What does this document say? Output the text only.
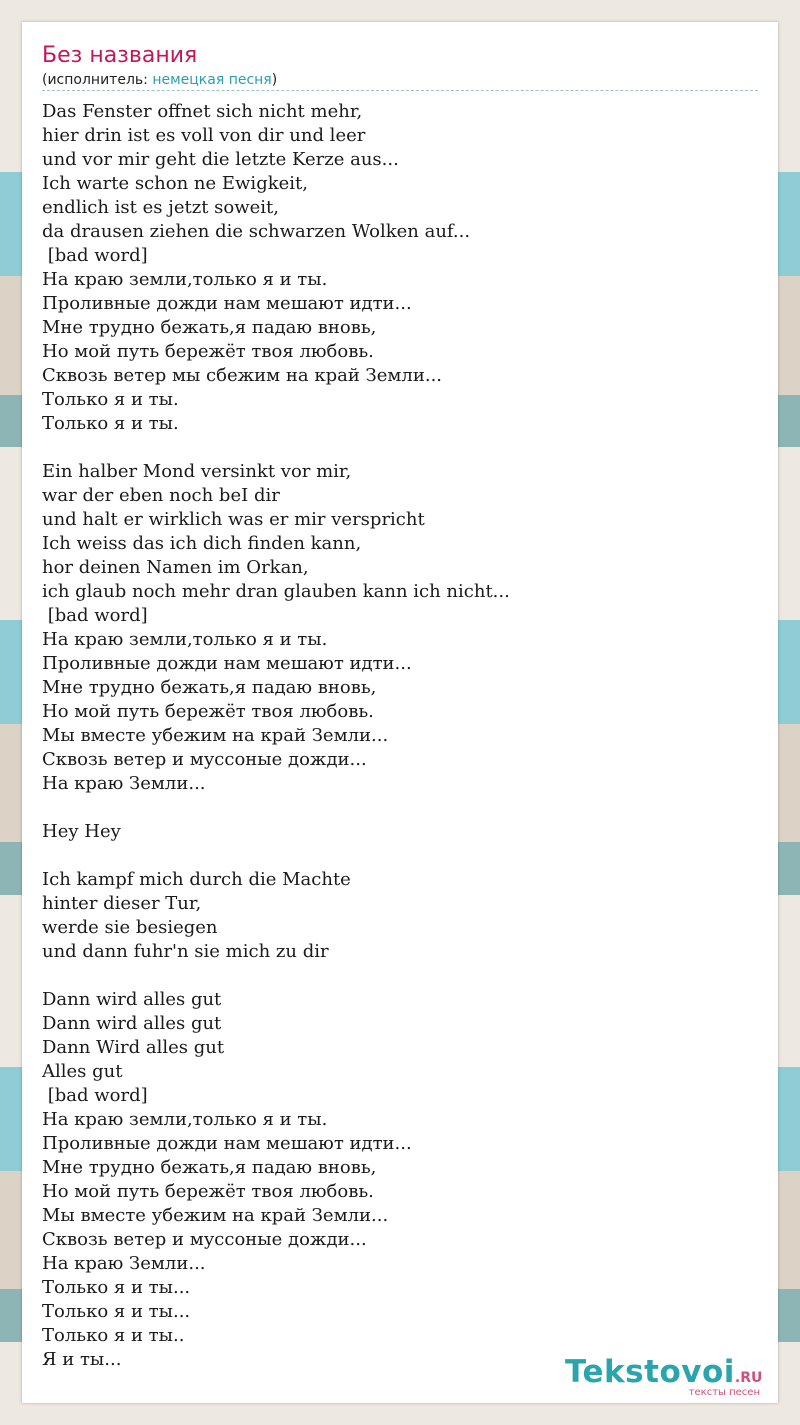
Без названия
(исполнитель: немецкая песня)
Das Fenster offnet sich nicht mehr,
hier drin ist es voll von dir und leer
und vor mir geht die letzte Kerze aus...
Ich warte schon ne Ewigkeit,
endlich ist es jetzt soweit,
da drausen ziehen die schwarzen Wolken auf...
[bad word]
На краю земли,только я и ты.
Проливные дожди нам мешают идти...
Мне трудно бежать,я падаю вновь,
Но мой путь бережёт твоя любовь.
Сквозь ветер мы сбежим на край Земли...
Только я и ты.
Только я и ты.

Ein halber Mond versinkt vor mir,
war der eben noch beI dir
und halt er wirklich was er mir verspricht
Ich weiss das ich dich finden kann,
hor deinen Namen im Orkan,
ich glaub noch mehr dran glauben kann ich nicht...
[bad word]
На краю земли,только я и ты.
Проливные дожди нам мешают идти...
Мне трудно бежать,я падаю вновь,
Но мой путь бережёт твоя любовь.
Мы вместе убежим на край Земли...
Сквозь ветер и муссоные дожди...
На краю Земли...

Hey Hey

Ich kampf mich durch die Machte
hinter dieser Tur,
werde sie besiegen
und dann fuhr'n sie mich zu dir

Dann wird alles gut
Dann wird alles gut
Dann Wird alles gut
Alles gut
[bad word]
На краю земли,только я и ты.
Проливные дожди нам мешают идти...
Мне трудно бежать,я падаю вновь,
Но мой путь бережёт твоя любовь.
Мы вместе убежим на край Земли...
Сквозь ветер и муссоные дожди...
На краю Земли...
Только я и ты...
Только я и ты...
Только я и ты..
Я и ты...	Tekstovoi.RU
тексты песен
